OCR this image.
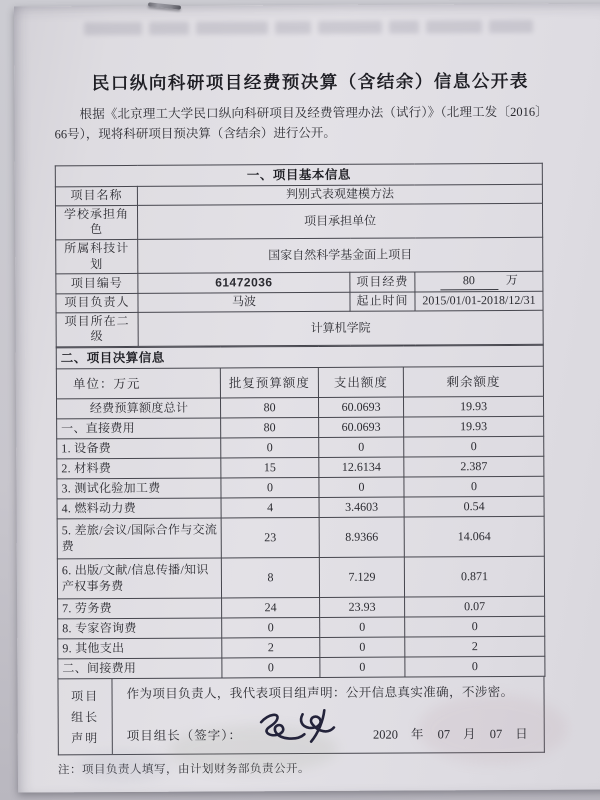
民口纵向科研项目经费预决算（含结余）信息公开表

根据《北京理工大学民口纵向科研项目及经费管理办法（试行）》（北理工发〔2016〕66号），现将科研项目预决算（含结余）进行公开。

一、项目基本信息			
项目名称	判别式表观建模方法		
学校承担角色	项目承担单位		
所属科技计划	国家自然科学基金面上项目		
项目编号	61472036	项目经费	80 万
项目负责人	马波	起止时间	2015/01/01-2018/12/31
项目所在二级	计算机学院		
二、项目决算信息			
单位：万元	批复预算额度	支出额度	剩余额度
经费预算额度总计	80	60.0693	19.93
一、直接费用	80	60.0693	19.93
1. 设备费	0	0	0
2. 材料费	15	12.6134	2.387
3. 测试化验加工费	0	0	0
4. 燃料动力费	4	3.4603	0.54
5. 差旅/会议/国际合作与交流费	23	8.9366	14.064
6. 出版/文献/信息传播/知识产权事务费	8	7.129	0.871
7. 劳务费	24	23.93	0.07
8. 专家咨询费	0	0	0
9. 其他支出	2	0	2
二、间接费用	0	0	0
项目
组长
声明
作为项目负责人，我代表项目组声明：公开信息真实准确，不涉密。
项目组长（签字）：	2020 年 07 月 07 日
注：项目负责人填写，由计划财务部负责公开。
